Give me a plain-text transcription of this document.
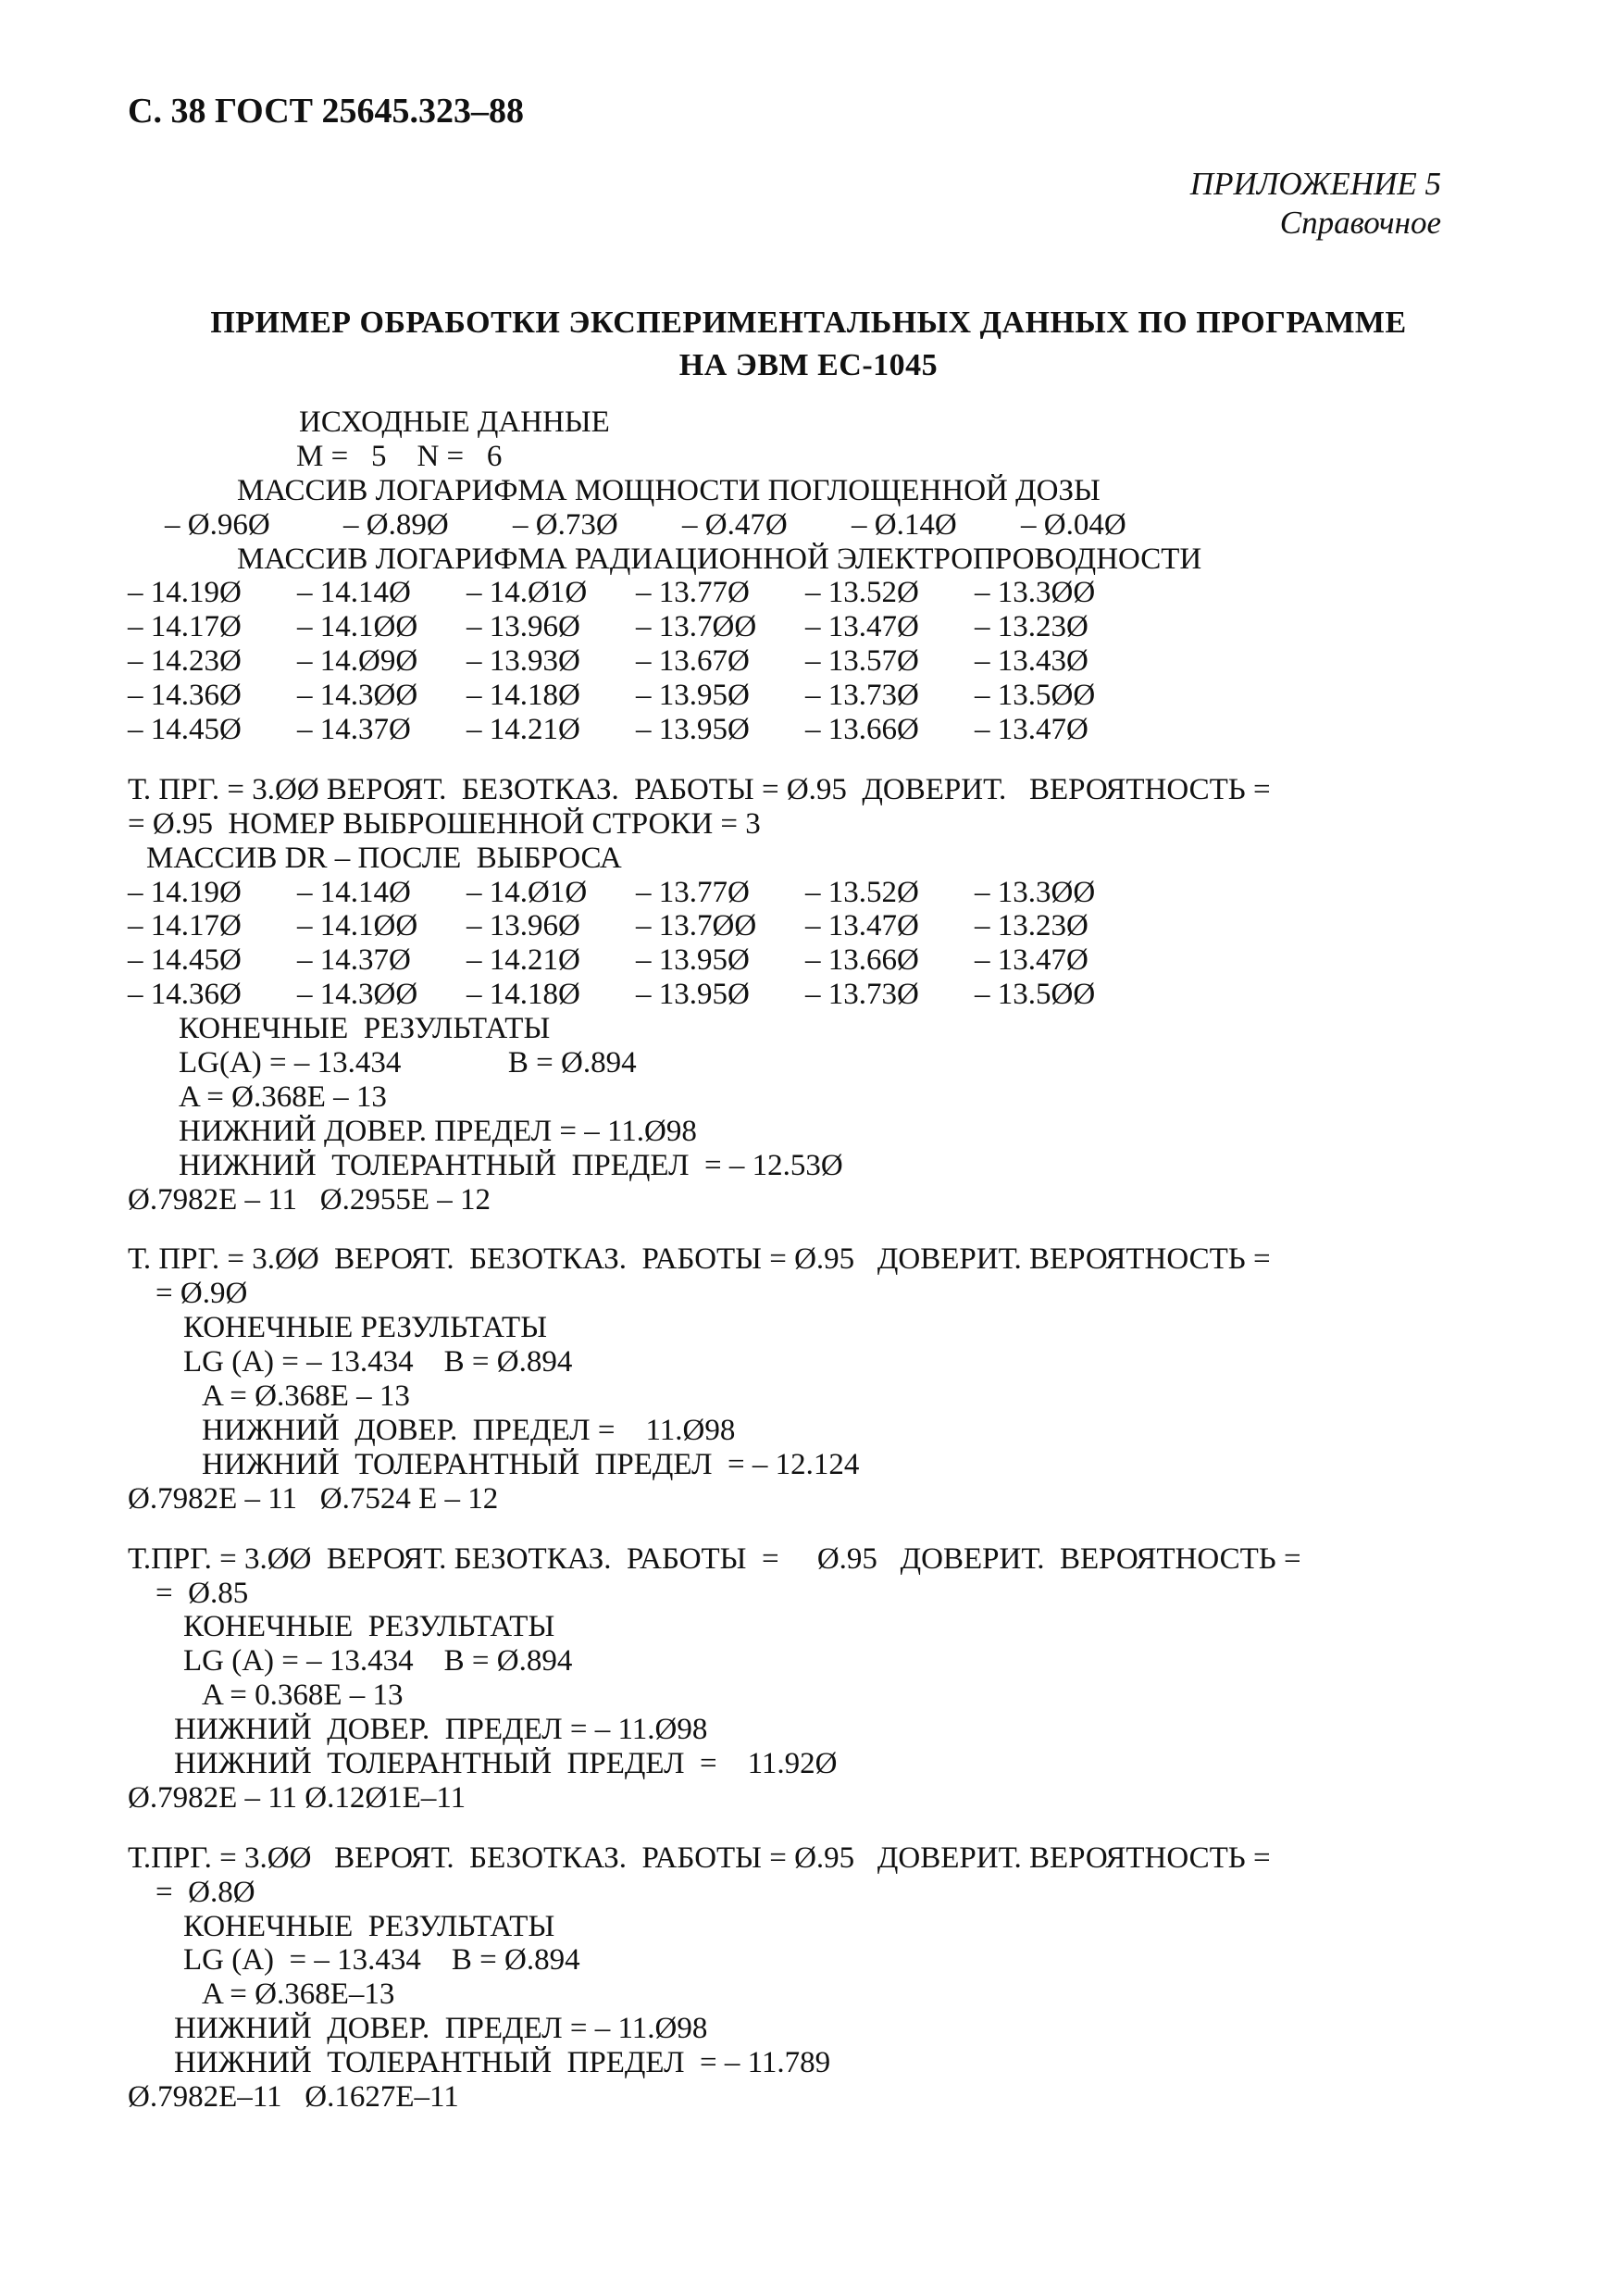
С. 38 ГОСТ 25645.323–88
ПРИЛОЖЕНИЕ 5
Справочное
ПРИМЕР ОБРАБОТКИ ЭКСПЕРИМЕНТАЛЬНЫХ ДАННЫХ ПО ПРОГРАММЕ
НА ЭВМ ЕС-1045
ИСХОДНЫЕ ДАННЫЕ
M =   5    N =   6
МАССИВ ЛОГАРИФМА МОЩНОСТИ ПОГЛОЩЕННОЙ ДОЗЫ
– Ø.96Ø	– Ø.89Ø	– Ø.73Ø	– Ø.47Ø	– Ø.14Ø	– Ø.04Ø
МАССИВ ЛОГАРИФМА РАДИАЦИОННОЙ ЭЛЕКТРОПРОВОДНОСТИ
– 14.19Ø	– 14.14Ø	– 14.Ø1Ø	– 13.77Ø	– 13.52Ø	– 13.3ØØ
– 14.17Ø	– 14.1ØØ	– 13.96Ø	– 13.7ØØ	– 13.47Ø	– 13.23Ø
– 14.23Ø	– 14.Ø9Ø	– 13.93Ø	– 13.67Ø	– 13.57Ø	– 13.43Ø
– 14.36Ø	– 14.3ØØ	– 14.18Ø	– 13.95Ø	– 13.73Ø	– 13.5ØØ
– 14.45Ø	– 14.37Ø	– 14.21Ø	– 13.95Ø	– 13.66Ø	– 13.47Ø
Т. ПРГ. = 3.ØØ ВЕРОЯТ.  БЕЗОТКАЗ.  РАБОТЫ = Ø.95  ДОВЕРИТ.   ВЕРОЯТНОСТЬ =
= Ø.95  НОМЕР ВЫБРОШЕННОЙ СТРОКИ = 3
МАССИВ DR – ПОСЛЕ  ВЫБРОСА
– 14.19Ø	– 14.14Ø	– 14.Ø1Ø	– 13.77Ø	– 13.52Ø	– 13.3ØØ
– 14.17Ø	– 14.1ØØ	– 13.96Ø	– 13.7ØØ	– 13.47Ø	– 13.23Ø
– 14.45Ø	– 14.37Ø	– 14.21Ø	– 13.95Ø	– 13.66Ø	– 13.47Ø
– 14.36Ø	– 14.3ØØ	– 14.18Ø	– 13.95Ø	– 13.73Ø	– 13.5ØØ
КОНЕЧНЫЕ  РЕЗУЛЬТАТЫ
LG(A) = – 13.434              B = Ø.894
A = Ø.368E – 13
НИЖНИЙ ДОВЕР. ПРЕДЕЛ = – 11.Ø98
НИЖНИЙ  ТОЛЕРАНТНЫЙ  ПРЕДЕЛ  = – 12.53Ø
Ø.7982E – 11   Ø.2955E – 12
Т. ПРГ. = 3.ØØ  ВЕРОЯТ.  БЕЗОТКАЗ.  РАБОТЫ = Ø.95   ДОВЕРИТ. ВЕРОЯТНОСТЬ =
= Ø.9Ø
КОНЕЧНЫЕ РЕЗУЛЬТАТЫ
LG (A) = – 13.434    B = Ø.894
A = Ø.368E – 13
НИЖНИЙ  ДОВЕР.  ПРЕДЕЛ =    11.Ø98
НИЖНИЙ  ТОЛЕРАНТНЫЙ  ПРЕДЕЛ  = – 12.124
Ø.7982E – 11   Ø.7524 E – 12
Т.ПРГ. = 3.ØØ  ВЕРОЯТ. БЕЗОТКАЗ.  РАБОТЫ  =     Ø.95   ДОВЕРИТ.  ВЕРОЯТНОСТЬ =
=  Ø.85
КОНЕЧНЫЕ  РЕЗУЛЬТАТЫ
LG (A) = – 13.434    B = Ø.894
A = 0.368E – 13
НИЖНИЙ  ДОВЕР.  ПРЕДЕЛ = – 11.Ø98
НИЖНИЙ  ТОЛЕРАНТНЫЙ  ПРЕДЕЛ  =    11.92Ø
Ø.7982E – 11 Ø.12Ø1E–11
Т.ПРГ. = 3.ØØ   ВЕРОЯТ.  БЕЗОТКАЗ.  РАБОТЫ = Ø.95   ДОВЕРИТ. ВЕРОЯТНОСТЬ =
=  Ø.8Ø
КОНЕЧНЫЕ  РЕЗУЛЬТАТЫ
LG (A)  = – 13.434    B = Ø.894
A = Ø.368E–13
НИЖНИЙ  ДОВЕР.  ПРЕДЕЛ = – 11.Ø98
НИЖНИЙ  ТОЛЕРАНТНЫЙ  ПРЕДЕЛ  = – 11.789
Ø.7982E–11   Ø.1627E–11
